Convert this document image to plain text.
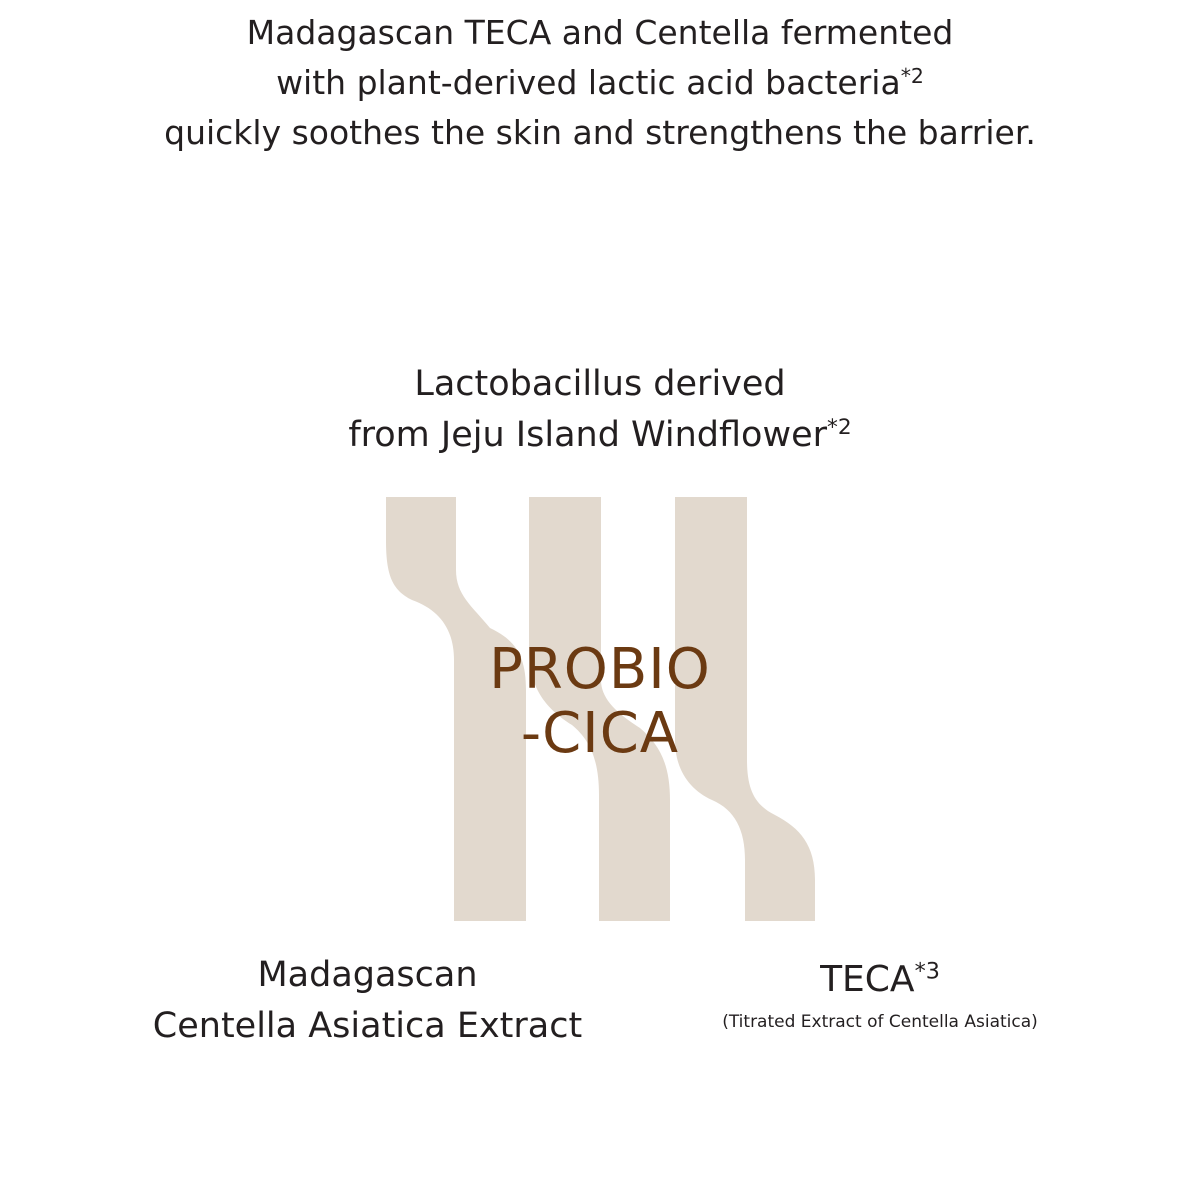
Madagascan TECA and Centella fermented
with plant-derived lactic acid bacteria$^{*2}$
quickly soothes the skin and strengthens the barrier.
Lactobacillus derived
from Jeju Island Windflower$^{*2}$
PROBIO
-CICA
Madagascan
Centella Asiatica Extract
TECA$^{*3}$
(Titrated Extract of Centella Asiatica)
